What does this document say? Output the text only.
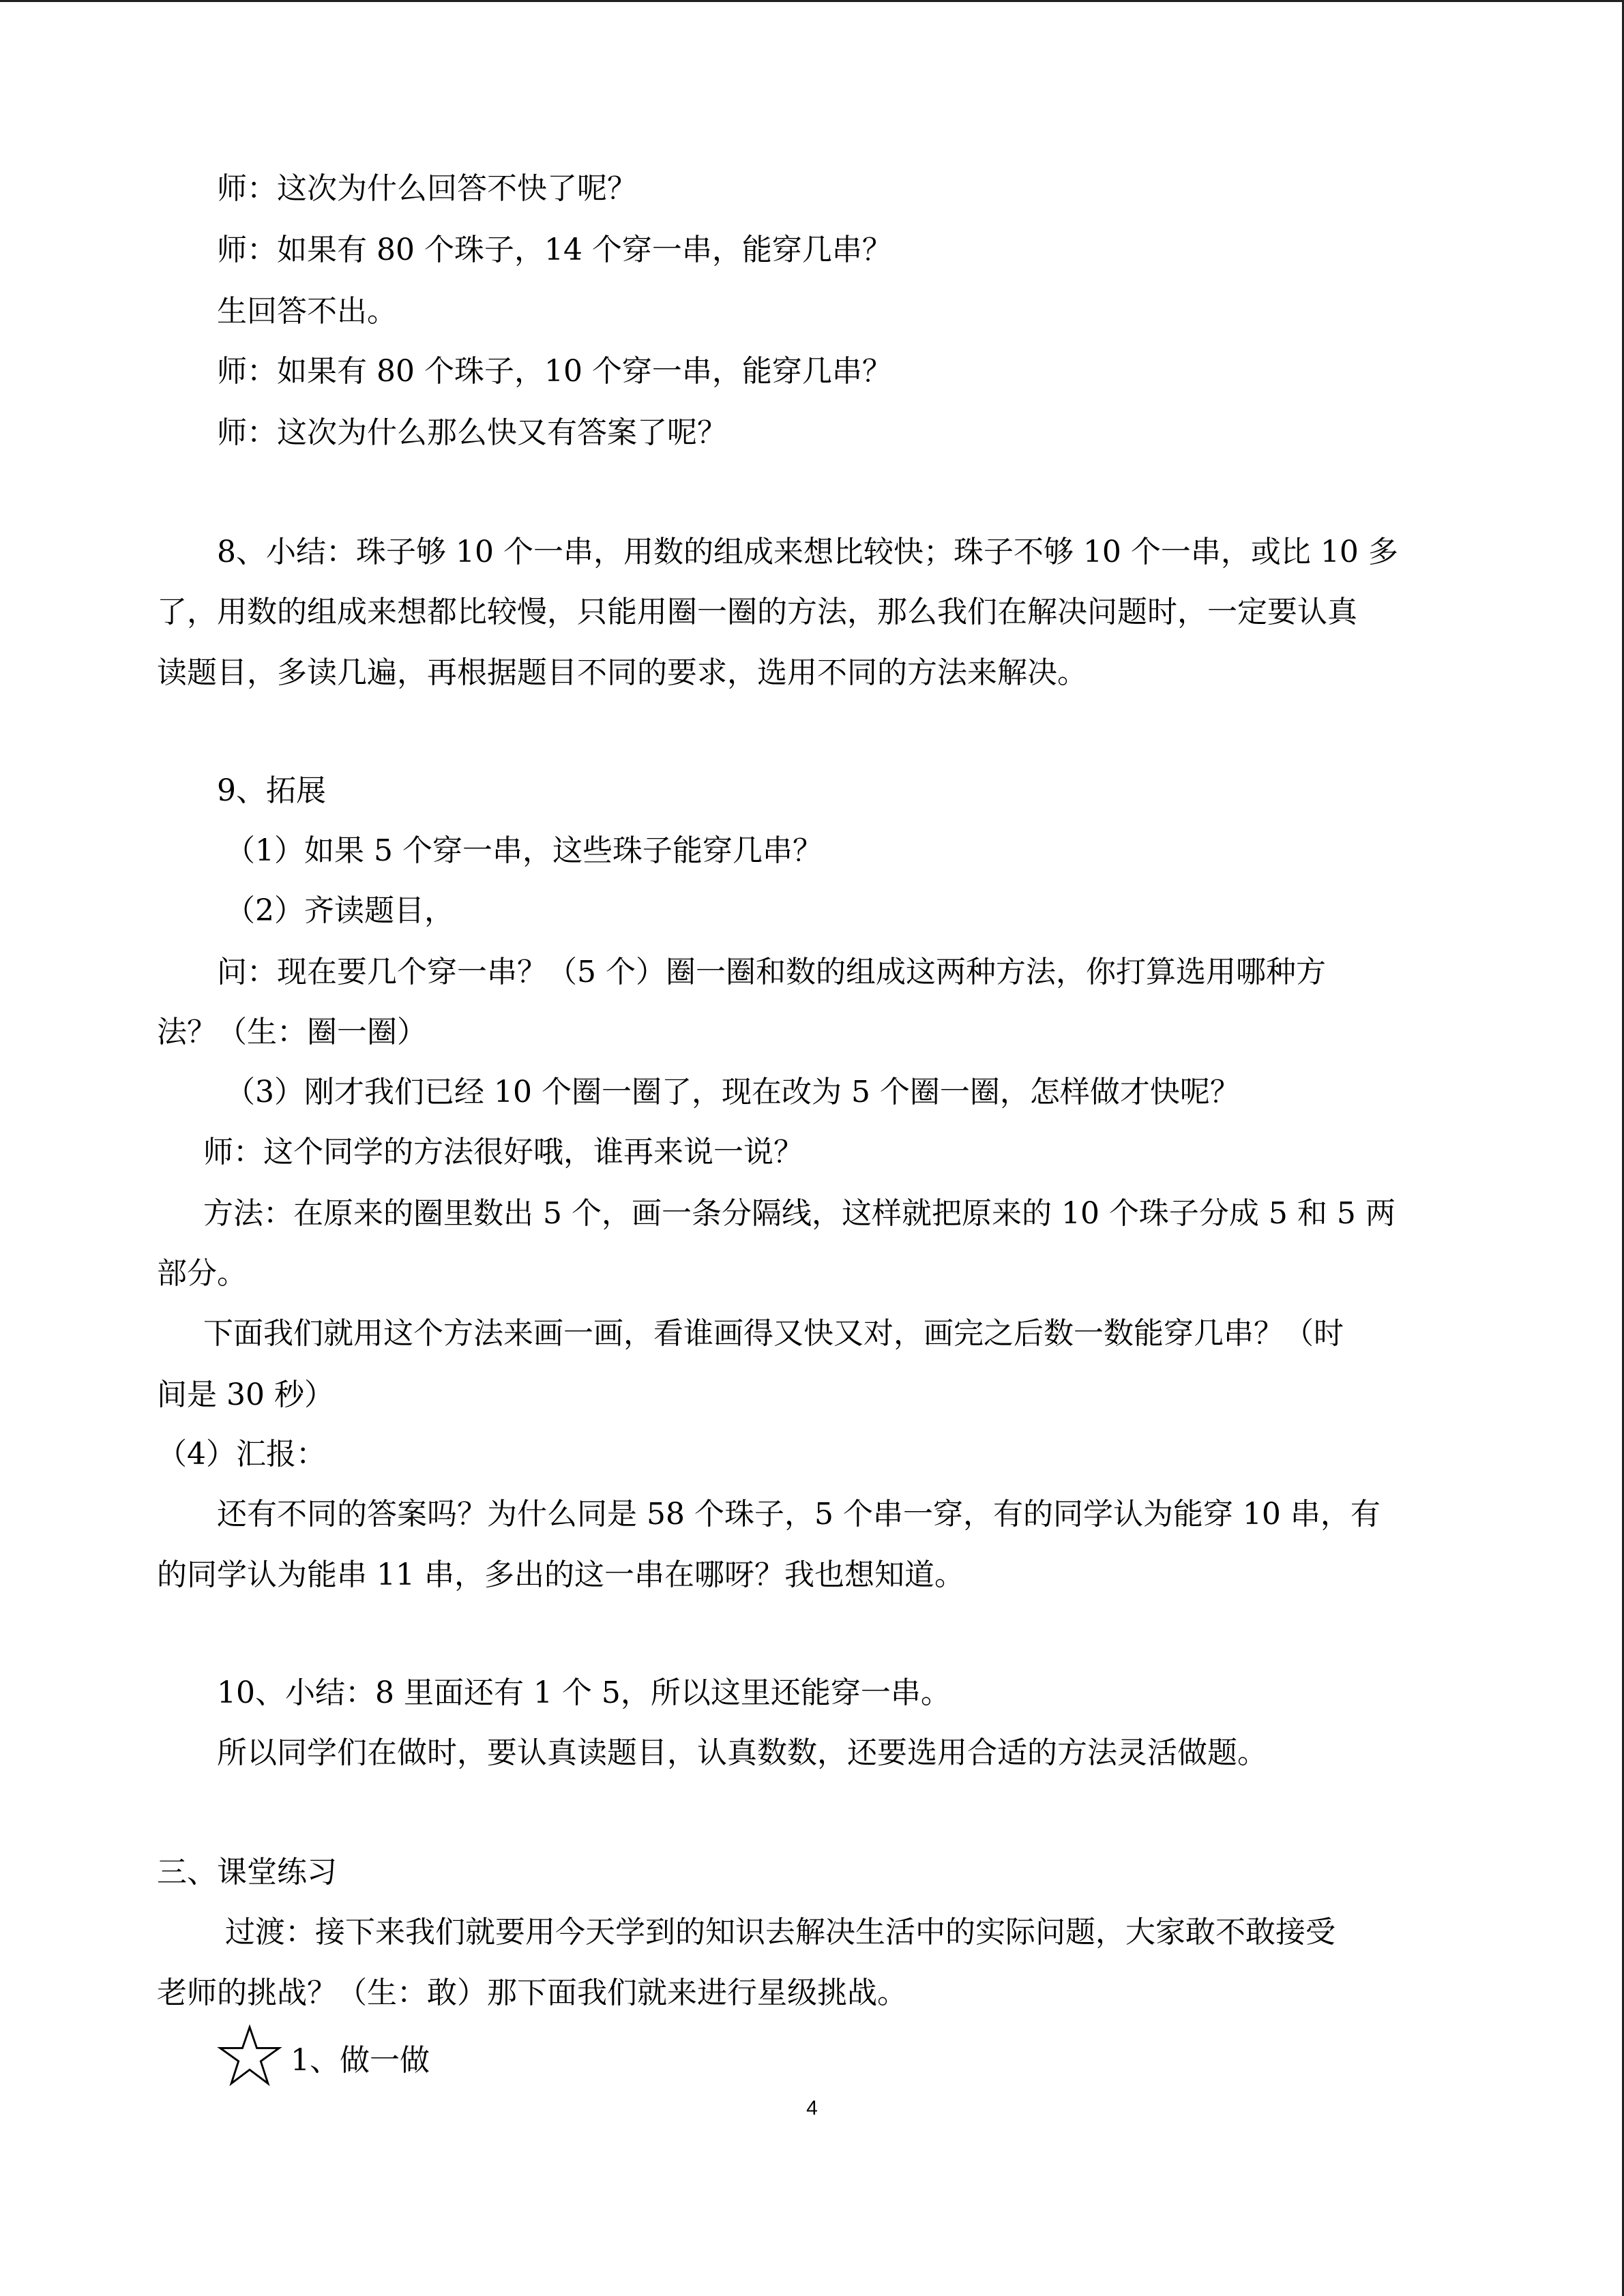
师：这次为什么回答不快了呢？
师：如果有 80 个珠子，14 个穿一串，能穿几串？
生回答不出。
师：如果有 80 个珠子，10 个穿一串，能穿几串？
师：这次为什么那么快又有答案了呢？
8、小结：珠子够 10 个一串，用数的组成来想比较快；珠子不够 10 个一串，或比 10 多
了，用数的组成来想都比较慢，只能用圈一圈的方法，那么我们在解决问题时，一定要认真
读题目，多读几遍，再根据题目不同的要求，选用不同的方法来解决。
9、拓展
（1）如果 5 个穿一串，这些珠子能穿几串？
（2）齐读题目，
问：现在要几个穿一串？（5 个）圈一圈和数的组成这两种方法，你打算选用哪种方
法？（生：圈一圈）
（3）刚才我们已经 10 个圈一圈了，现在改为 5 个圈一圈，怎样做才快呢？
师：这个同学的方法很好哦，谁再来说一说？
方法：在原来的圈里数出 5 个，画一条分隔线，这样就把原来的 10 个珠子分成 5 和 5 两
部分。
下面我们就用这个方法来画一画，看谁画得又快又对，画完之后数一数能穿几串？（时
间是 30 秒）
（4）汇报：
还有不同的答案吗？为什么同是 58 个珠子，5 个串一穿，有的同学认为能穿 10 串，有
的同学认为能串 11 串，多出的这一串在哪呀？我也想知道。
10、小结：8 里面还有 1 个 5，所以这里还能穿一串。
所以同学们在做时，要认真读题目，认真数数，还要选用合适的方法灵活做题。
三、课堂练习
过渡：接下来我们就要用今天学到的知识去解决生活中的实际问题，大家敢不敢接受
老师的挑战？（生：敢）那下面我们就来进行星级挑战。
1、做一做
4
